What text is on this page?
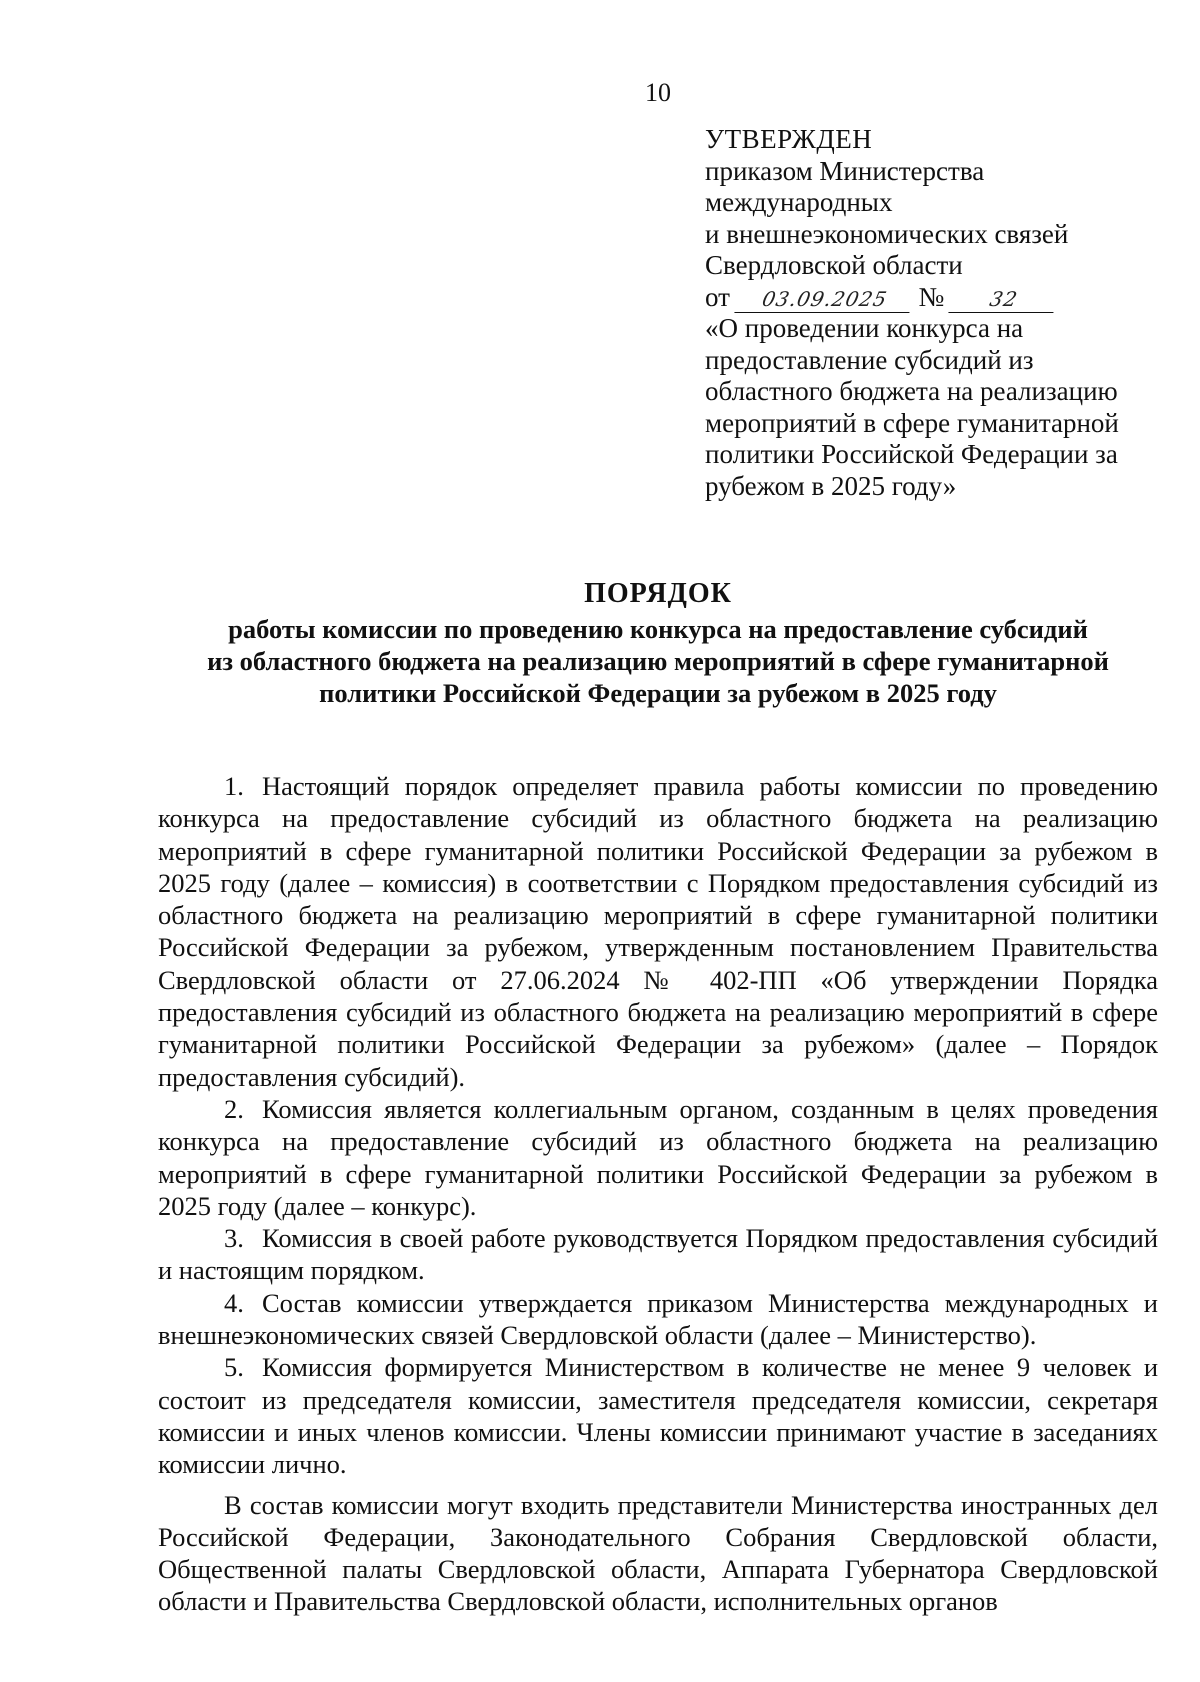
10
УТВЕРЖДЕН
приказом Министерства
международных
и внешнеэкономических связей
Свердловской области
от 03.09.2025 № 32
«О проведении конкурса на
предоставление субсидий из
областного бюджета на реализацию
мероприятий в сфере гуманитарной
политики Российской Федерации за
рубежом в 2025 году»
ПОРЯДОК
работы комиссии по проведению конкурса на предоставление субсидий
из областного бюджета на реализацию мероприятий в сфере гуманитарной
политики Российской Федерации за рубежом в 2025 году

1. Настоящий порядок определяет правила работы комиссии по проведению конкурса на предоставление субсидий из областного бюджета на реализацию мероприятий в сфере гуманитарной политики Российской Федерации за рубежом в 2025 году (далее – комиссия) в соответствии с Порядком предоставления субсидий из областного бюджета на реализацию мероприятий в сфере гуманитарной политики Российской Федерации за рубежом, утвержденным постановлением Правительства Свердловской области от 27.06.2024 № 402-ПП «Об утверждении Порядка предоставления субсидий из областного бюджета на реализацию мероприятий в сфере гуманитарной политики Российской Федерации за рубежом» (далее – Порядок предоставления субсидий).

2. Комиссия является коллегиальным органом, созданным в целях проведения конкурса на предоставление субсидий из областного бюджета на реализацию мероприятий в сфере гуманитарной политики Российской Федерации за рубежом в 2025 году (далее – конкурс).

3. Комиссия в своей работе руководствуется Порядком предоставления субсидий и настоящим порядком.

4. Состав комиссии утверждается приказом Министерства международных и внешнеэкономических связей Свердловской области (далее – Министерство).

5. Комиссия формируется Министерством в количестве не менее 9 человек и состоит из председателя комиссии, заместителя председателя комиссии, секретаря комиссии и иных членов комиссии. Члены комиссии принимают участие в заседаниях комиссии лично.

В состав комиссии могут входить представители Министерства иностранных дел Российской Федерации, Законодательного Собрания Свердловской области, Общественной палаты Свердловской области, Аппарата Губернатора Свердловской области и Правительства Свердловской области, исполнительных органов
